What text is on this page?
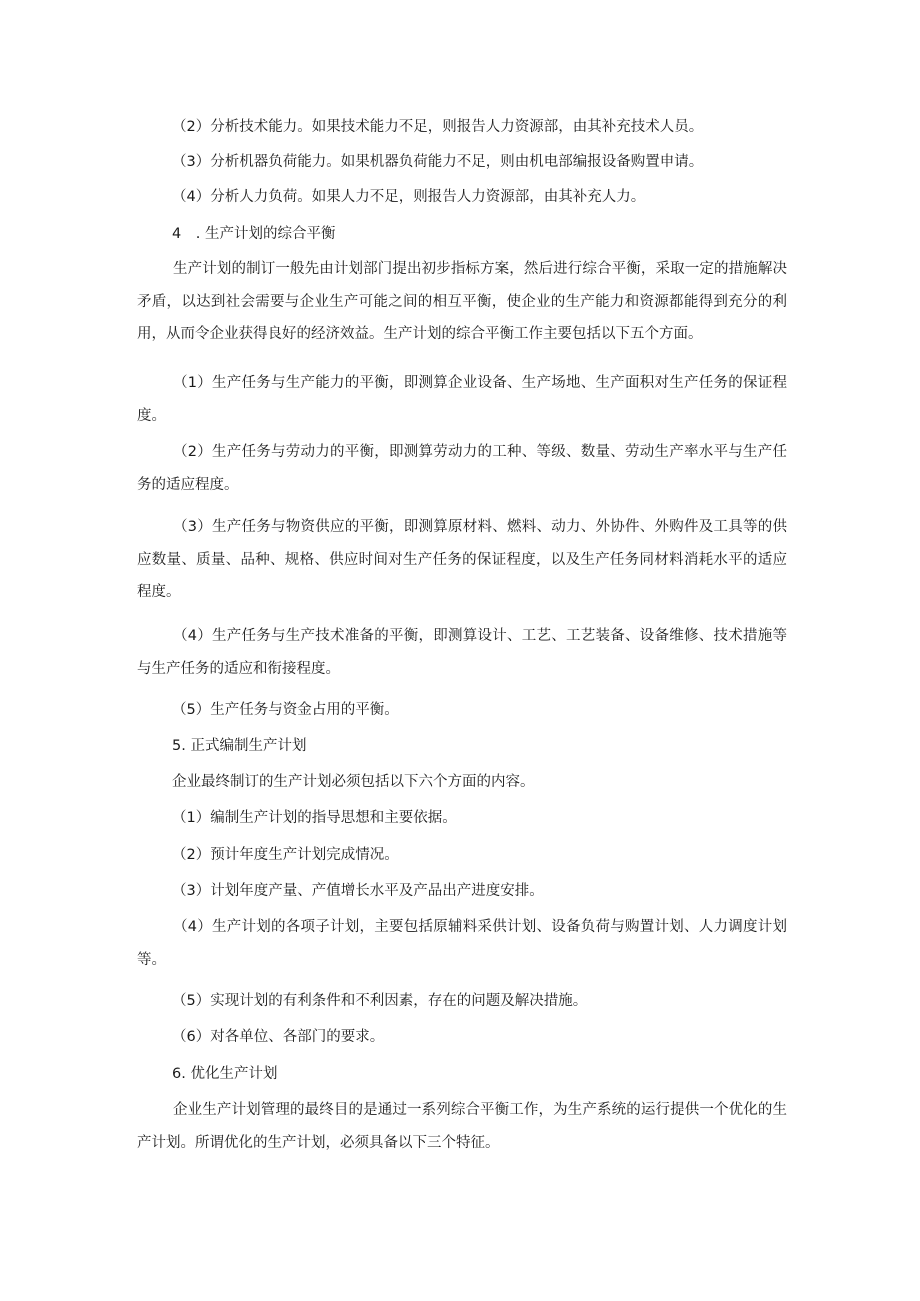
（2）分析技术能力。如果技术能力不足，则报告人力资源部，由其补充技术人员。
（3）分析机器负荷能力。如果机器负荷能力不足，则由机电部编报设备购置申请。
（4）分析人力负荷。如果人力不足，则报告人力资源部，由其补充人力。
4　. 生产计划的综合平衡
生产计划的制订一般先由计划部门提出初步指标方案，然后进行综合平衡，采取一定的措施解决矛盾，以达到社会需要与企业生产可能之间的相互平衡，使企业的生产能力和资源都能得到充分的利用，从而令企业获得良好的经济效益。生产计划的综合平衡工作主要包括以下五个方面。
（1）生产任务与生产能力的平衡，即测算企业设备、生产场地、生产面积对生产任务的保证程度。
（2）生产任务与劳动力的平衡，即测算劳动力的工种、等级、数量、劳动生产率水平与生产任务的适应程度。
（3）生产任务与物资供应的平衡，即测算原材料、燃料、动力、外协件、外购件及工具等的供应数量、质量、品种、规格、供应时间对生产任务的保证程度，以及生产任务同材料消耗水平的适应程度。
（4）生产任务与生产技术准备的平衡，即测算设计、工艺、工艺装备、设备维修、技术措施等与生产任务的适应和衔接程度。
（5）生产任务与资金占用的平衡。
5. 正式编制生产计划
企业最终制订的生产计划必须包括以下六个方面的内容。
（1）编制生产计划的指导思想和主要依据。
（2）预计年度生产计划完成情况。
（3）计划年度产量、产值增长水平及产品出产进度安排。
（4）生产计划的各项子计划，主要包括原辅料采供计划、设备负荷与购置计划、人力调度计划等。
（5）实现计划的有利条件和不利因素，存在的问题及解决措施。
（6）对各单位、各部门的要求。
6. 优化生产计划
企业生产计划管理的最终目的是通过一系列综合平衡工作，为生产系统的运行提供一个优化的生产计划。所谓优化的生产计划，必须具备以下三个特征。
